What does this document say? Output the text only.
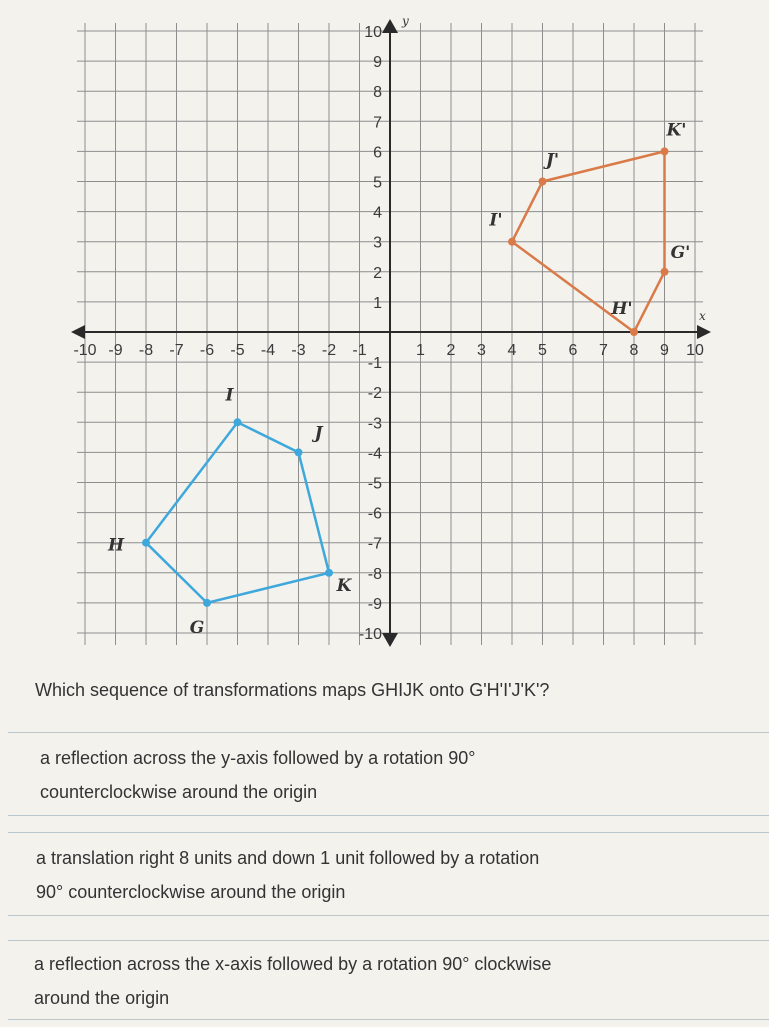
x
y
-10 -9 -8 -7 -6 -5 -4 -3 -2 -1	1 2 3 4 5 6 7 8 9 10
10
9
8
7
6
5
4
3
2
1
-1
-2
-3
-4
-5
-6
-7
-8
-9
-10
G
H
I
J
K
G'
H'
I'
J'
K'

Which sequence of transformations maps GHIJK onto G'H'I'J'K'?

a reflection across the y-axis followed by a rotation 90°
counterclockwise around the origin
a translation right 8 units and down 1 unit followed by a rotation
90° counterclockwise around the origin
a reflection across the x-axis followed by a rotation 90° clockwise
around the origin
